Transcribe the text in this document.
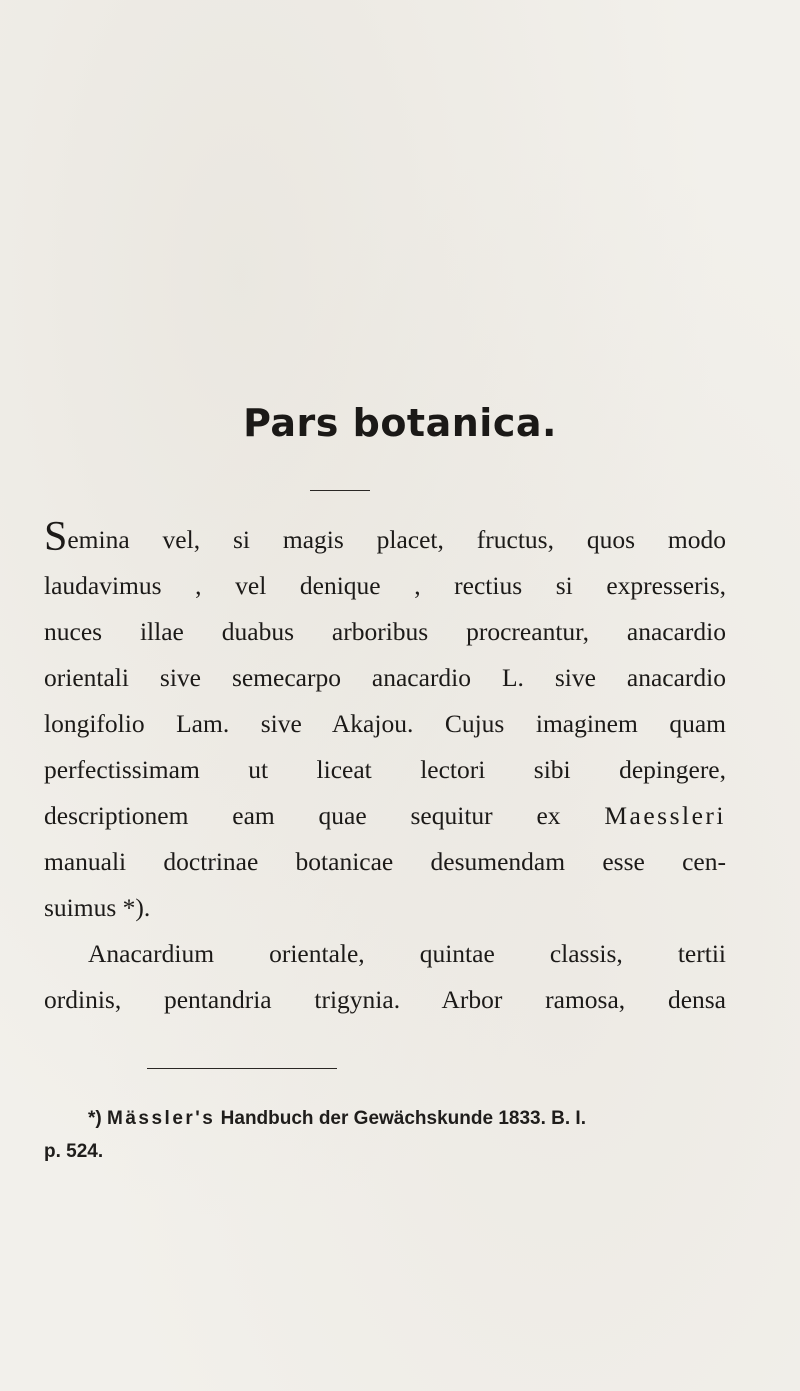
Pars botanica.
Semina vel, si magis placet, fructus, quos modo
laudavimus , vel denique , rectius si expresseris,
nuces illae duabus arboribus procreantur, anacardio
orientali sive semecarpo anacardio L. sive anacardio
longifolio Lam. sive Akajou. Cujus imaginem quam
perfectissimam ut liceat lectori sibi depingere,
descriptionem eam quae sequitur ex Maessleri
manuali doctrinae botanicae desumendam esse cen-
suimus *).
Anacardium orientale, quintae classis, tertii
ordinis, pentandria trigynia. Arbor ramosa, densa
*) Mässler's Handbuch der Gewächskunde 1833. B. I.
p. 524.
